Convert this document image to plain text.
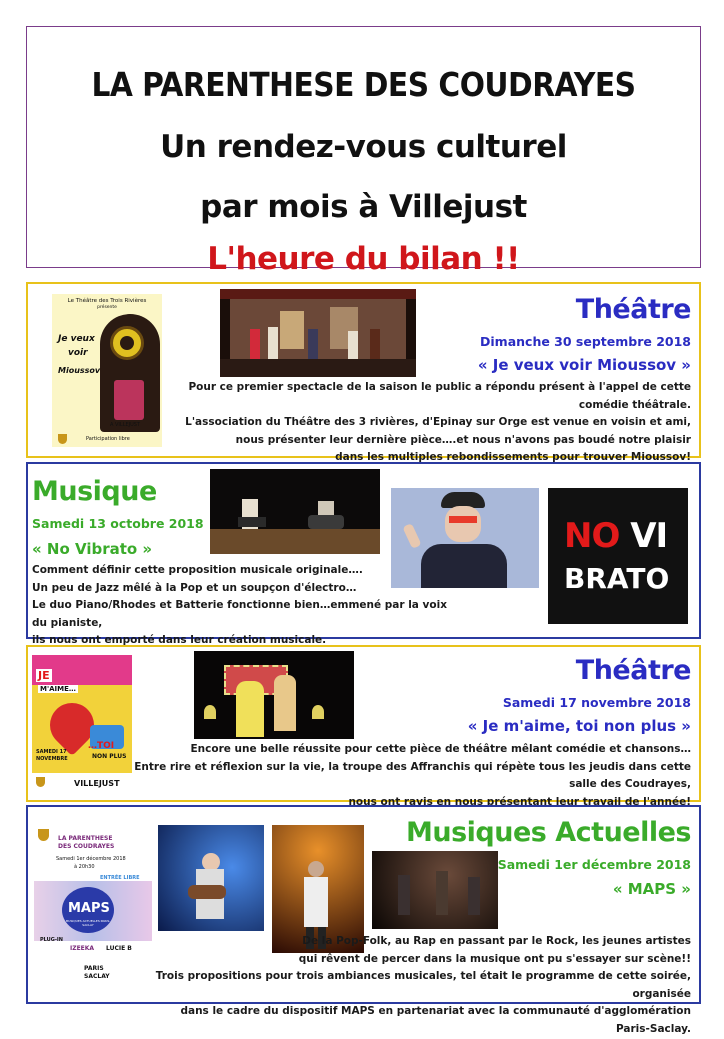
LA PARENTHESE DES COUDRAYES
Un rendez-vous culturel
par mois à Villejust
L'heure du bilan !!
Le Théâtre des Trois Rivières
présente
Je veux
voir
Mioussov
A VILLEJUST
Participation libre
Théâtre
Dimanche 30 septembre 2018
« Je veux voir Mioussov »
Pour ce premier spectacle de la saison le public a répondu présent à l'appel de cette comédie théâtrale.
L'association du Théâtre des 3 rivières, d'Epinay sur Orge est venue en voisin et ami,
nous présenter leur dernière pièce….et nous n'avons pas boudé notre plaisir
dans les multiples rebondissements pour trouver Mioussov!
Musique
Samedi 13 octobre 2018
« No Vibrato »
Comment définir cette proposition musicale originale….
Un peu de Jazz mêlé à la Pop et un soupçon d'électro…
Le duo Piano/Rhodes et Batterie fonctionne bien…emmené par la voix du pianiste,
ils nous ont emporté dans leur création musicale.
NO VI
BRATO
JE
M'AIME…
…TOI
NON PLUS
SAMEDI 17
NOVEMBRE
VILLEJUST
Théâtre
Samedi 17 novembre 2018
« Je m'aime, toi non plus »
Encore une belle réussite pour cette pièce de théâtre mêlant comédie et chansons…
Entre rire et réflexion sur la vie, la troupe des Affranchis qui répète tous les jeudis dans cette salle des Coudrayes,
nous ont ravis en nous présentant leur travail de l'année!
LA PARENTHESE
DES COUDRAYES
Samedi 1er décembre 2018
à 20h30
ENTRÉE LIBRE
MAPS
MUSIQUES ACTUELLES PARIS-SACLAY
PLUG-IN
IZEEKA LUCIE B
PARIS
SACLAY
Musiques Actuelles
Samedi 1er décembre 2018
« MAPS »
De la Pop-Folk, au Rap en passant par le Rock, les jeunes artistes
qui rêvent de percer dans la musique ont pu s'essayer sur scène!!
Trois propositions pour trois ambiances musicales, tel était le programme de cette soirée, organisée
dans le cadre du dispositif MAPS en partenariat avec la communauté d'agglomération Paris-Saclay.
